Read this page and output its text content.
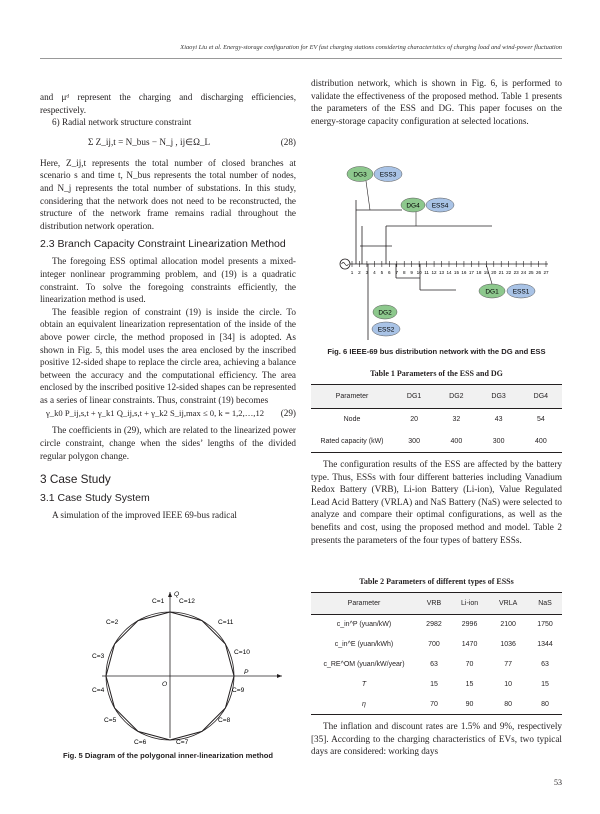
Xiaoyi Liu et al. Energy-storage configuration for EV fast charging stations considering characteristics of charging load and wind-power fluctuation

and μᵈ represent the charging and discharging efficiencies, respectively.

6) Radial network structure constraint

Σ Z_ij,t = N_bus − N_j , ij∈Ω_L	(28)

Here, Z_ij,t represents the total number of closed branches at scenario s and time t, N_bus represents the total number of nodes, and N_j represents the total number of substations. In this study, considering that the network does not need to be reconstructed, the structure of the network frame remains radial throughout the distribution network operation.

2.3 Branch Capacity Constraint Linearization Method

The foregoing ESS optimal allocation model presents a mixed-integer nonlinear programming problem, and (19) is a quadratic constraint. To solve the foregoing constraints efficiently, the linearization method is used.

The feasible region of constraint (19) is inside the circle. To obtain an equivalent linearization representation of the inside of the above power circle, the method proposed in [34] is adopted. As shown in Fig. 5, this model uses the area enclosed by the inscribed positive 12-sided shape to replace the circle area, achieving a balance between the accuracy and the computational efficiency. The area enclosed by the inscribed positive 12-sided shapes can be represented as a series of linear constraints. Thus, constraint (19) becomes

γ_k0 P_ij,s,t + γ_k1 Q_ij,s,t + γ_k2 S_ij,max ≤ 0, k = 1,2,…,12 (29)

The coefficients in (29), which are related to the linearized power circle constraint, change when the sides’ lengths of the divided regular polygon change.

3 Case Study
3.1 Case Study System

A simulation of the improved IEEE 69-bus radical

C=1 C=12
Q
C=2	C=11
C=3
C=10
O
P
C=4	C=9
C=5	C=8
C=6	C=7
Fig. 5 Diagram of the polygonal inner-linearization method

distribution network, which is shown in Fig. 6, is performed to validate the effectiveness of the proposed method. Table 1 presents the parameters of the ESS and DG. This paper focuses on the energy-storage capacity configuration at selected locations.

1 2 3 4 5 6 7 8 9 10 11 12 13 14 15 16 17 18 19 20 21 22 23 24 25 26 27
DG3 ESS3
DG4 ESS4
DG1 ESS1
DG2
ESS2
Fig. 6 IEEE-69 bus distribution network with the DG and ESS
Table 1 Parameters of the ESS and DG
Parameter	DG1	DG2	DG3	DG4
Node	20	32	43	54
Rated capacity (kW)	300	400	300	400

The configuration results of the ESS are affected by the battery type. Thus, ESSs with four different batteries including Vanadium Redox Battery (VRB), Li-ion Battery (Li-ion), Value Regulated Lead Acid Battery (VRLA) and NaS Battery (NaS) were selected to analyze and compare their optimal configurations, as well as the benefits and cost, using the proposed method and model. Table 2 presents the parameters of the four types of battery ESSs.

Table 2 Parameters of different types of ESSs
Parameter	VRB	Li-ion	VRLA	NaS
c_in^P (yuan/kW)	2982	2996	2100	1750
c_in^E (yuan/kWh)	700	1470	1036	1344
c_RE^OM (yuan/kW/year)	63	70	77	63
T	15	15	10	15
η	70	90	80	80

The inflation and discount rates are 1.5% and 9%, respectively [35]. According to the charging characteristics of EVs, two typical days are considered: working days

53
